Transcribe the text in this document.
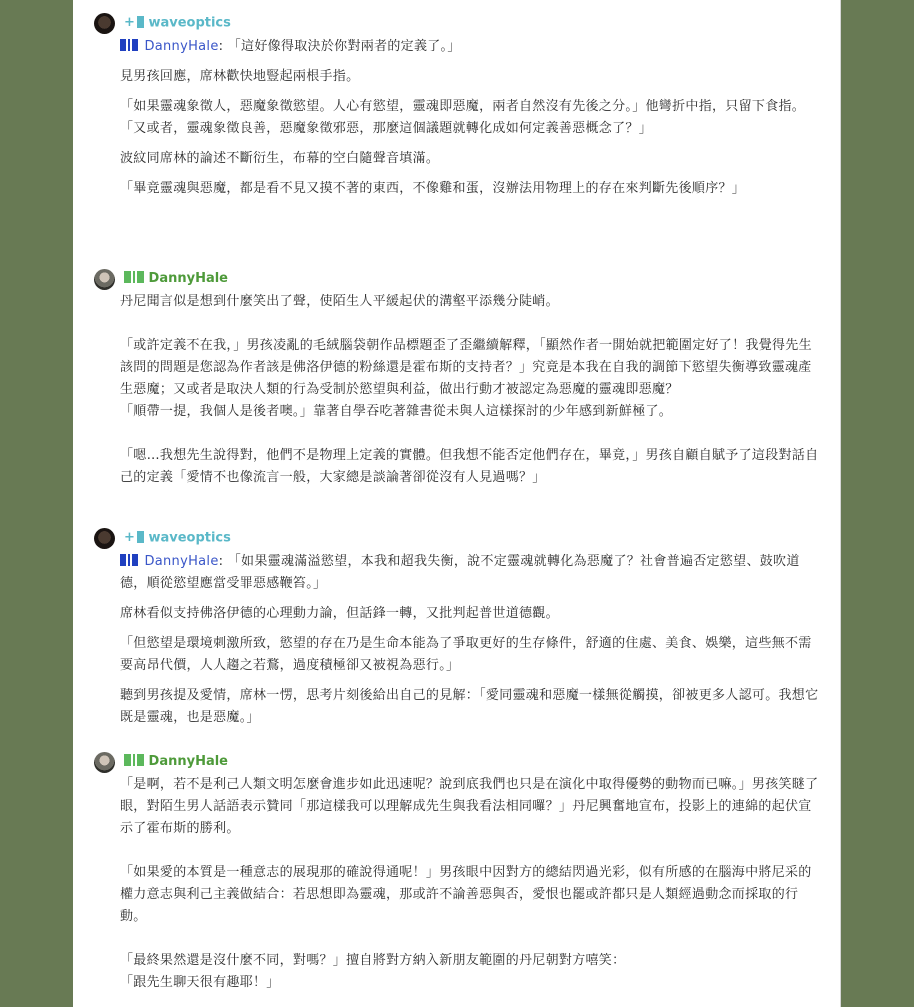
+ waveoptics

DannyHale: 「這好像得取決於你對兩者的定義了。」

見男孩回應，席林歡快地豎起兩根手指。

「如果靈魂象徵人，惡魔象徵慾望。人心有慾望，靈魂即惡魔，兩者自然沒有先後之分。」他彎折中指，只留下食指。「又或者，靈魂象徵良善，惡魔象徵邪惡，那麼這個議題就轉化成如何定義善惡概念了？」

波紋同席林的論述不斷衍生，布幕的空白隨聲音填滿。

「畢竟靈魂與惡魔，都是看不見又摸不著的東西，不像雞和蛋，沒辦法用物理上的存在來判斷先後順序？」

DannyHale

丹尼聞言似是想到什麼笑出了聲，使陌生人平緩起伏的溝壑平添幾分陡峭。

「或許定義不在我，」男孩凌亂的毛絨腦袋朝作品標題歪了歪繼續解釋，「顯然作者一開始就把範圍定好了！我覺得先生該問的問題是您認為作者該是佛洛伊德的粉絲還是霍布斯的支持者？」究竟是本我在自我的調節下慾望失衡導致靈魂產生惡魔；又或者是取決人類的行為受制於慾望與利益，做出行動才被認定為惡魔的靈魂即惡魔？

「順帶一提，我個人是後者噢。」靠著自學吞吃著雜書從未與人這樣探討的少年感到新鮮極了。

「嗯…我想先生說得對，他們不是物理上定義的實體。但我想不能否定他們存在，畢竟，」男孩自顧自賦予了這段對話自己的定義「愛情不也像流言一般，大家總是談論著卻從沒有人見過嗎？」

+ waveoptics

DannyHale: 「如果靈魂滿溢慾望，本我和超我失衡，說不定靈魂就轉化為惡魔了？社會普遍否定慾望、鼓吹道德，順從慾望應當受罪惡感鞭笞。」

席林看似支持佛洛伊德的心理動力論，但話鋒一轉，又批判起普世道德觀。

「但慾望是環境刺激所致，慾望的存在乃是生命本能為了爭取更好的生存條件，舒適的住處、美食、娛樂，這些無不需要高昂代價，人人趨之若鶩，過度積極卻又被視為惡行。」

聽到男孩提及愛情，席林一愣，思考片刻後給出自己的見解：「愛同靈魂和惡魔一樣無從觸摸，卻被更多人認可。我想它既是靈魂，也是惡魔。」

DannyHale

「是啊，若不是利己人類文明怎麼會進步如此迅速呢？說到底我們也只是在演化中取得優勢的動物而已嘛。」男孩笑瞇了眼，對陌生男人話語表示贊同「那這樣我可以理解成先生與我看法相同囉？」丹尼興奮地宣布，投影上的連綿的起伏宣示了霍布斯的勝利。

「如果愛的本質是一種意志的展現那的確說得通呢！」男孩眼中因對方的總結閃過光彩，似有所感的在腦海中將尼采的權力意志與利己主義做結合：若思想即為靈魂，那或許不論善惡與否，愛恨也罷或許都只是人類經過動念而採取的行動。

「最終果然還是沒什麼不同，對嗎？」擅自將對方納入新朋友範圍的丹尼朝對方嘻笑：

「跟先生聊天很有趣耶！」
